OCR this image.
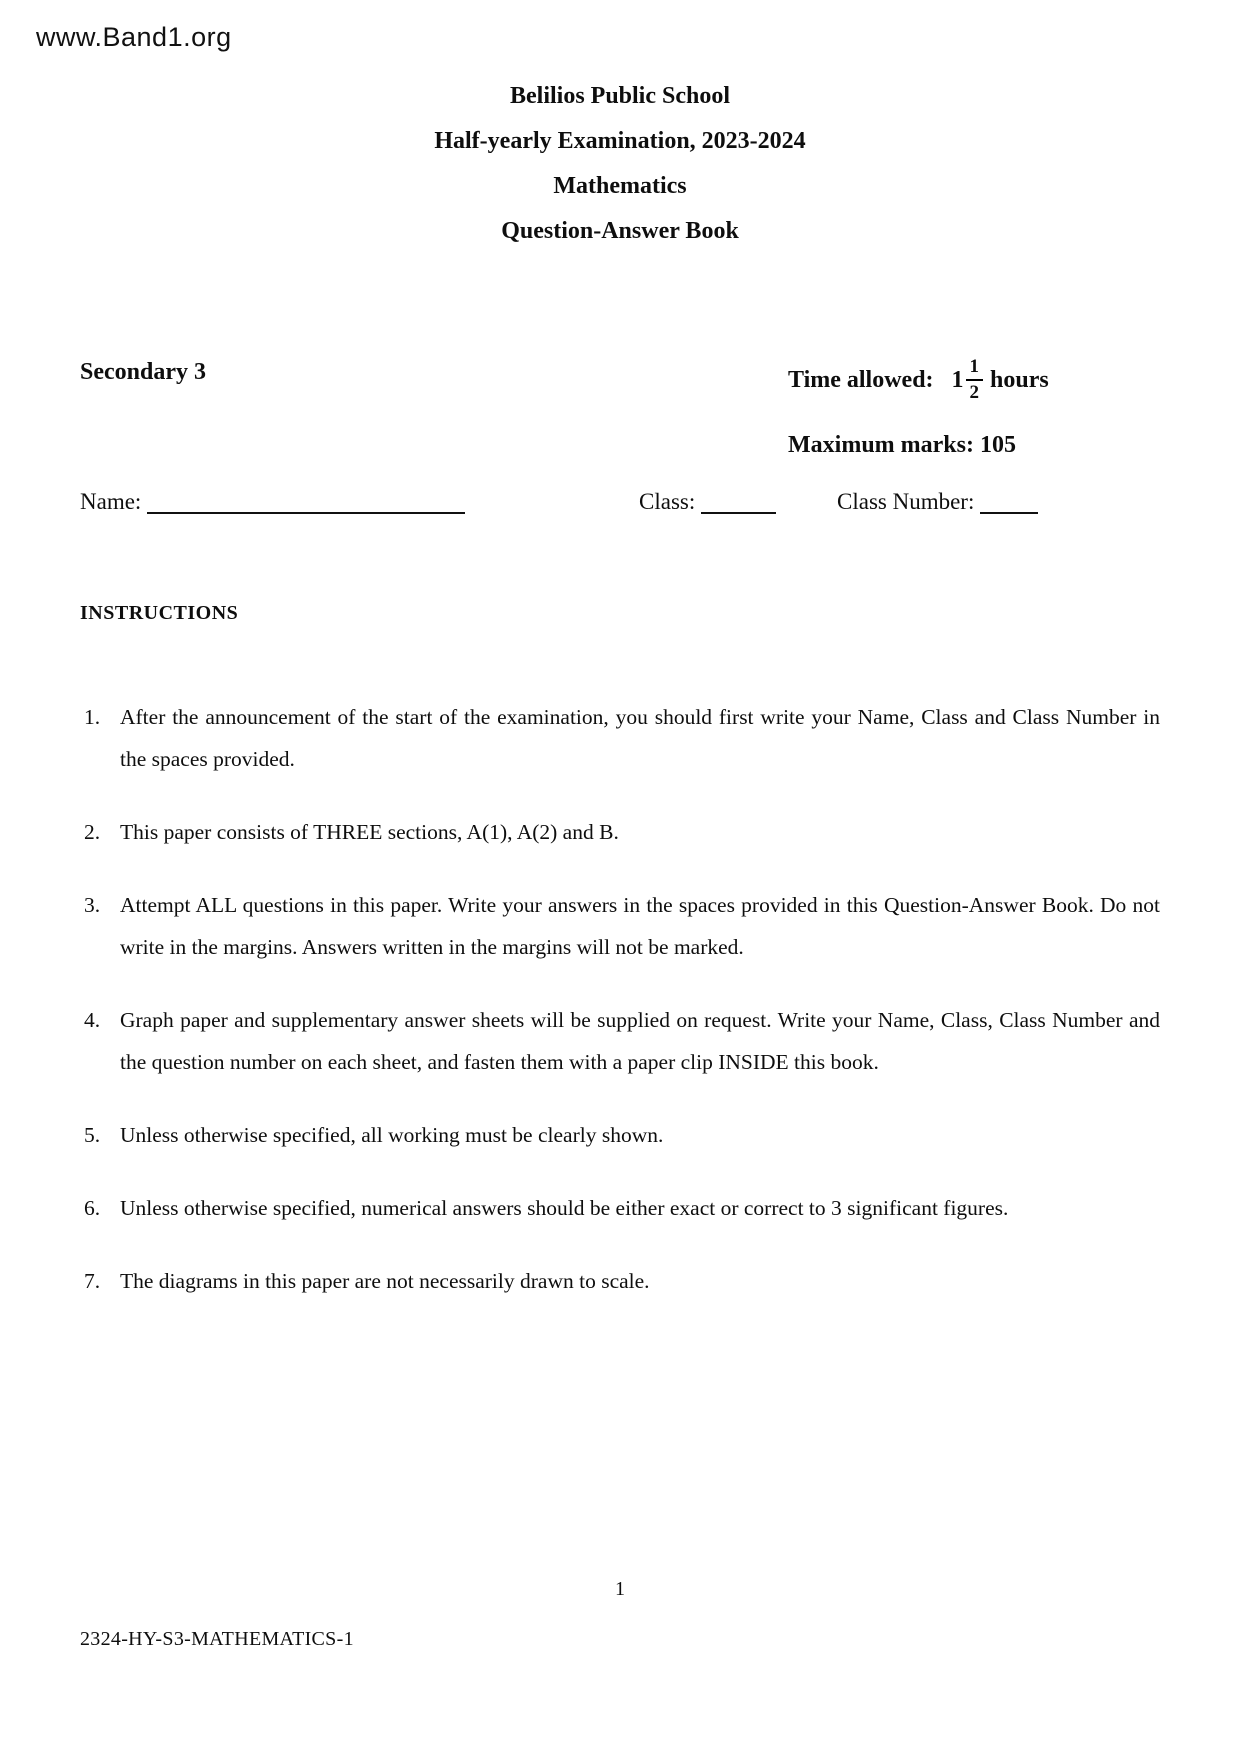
www.Band1.org
Belilios Public School
Half-yearly Examination, 2023-2024
Mathematics
Question-Answer Book
Secondary 3	Time allowed: $1 \frac{1}{2}$ hours
Maximum marks: 105
Name:	Class:	Class Number:
INSTRUCTIONS
1. After the announcement of the start of the examination, you should first write your Name, Class and Class Number in the spaces provided.
2. This paper consists of THREE sections, A(1), A(2) and B.
3. Attempt ALL questions in this paper. Write your answers in the spaces provided in this Question-Answer Book. Do not write in the margins. Answers written in the margins will not be marked.
4. Graph paper and supplementary answer sheets will be supplied on request. Write your Name, Class, Class Number and the question number on each sheet, and fasten them with a paper clip INSIDE this book.
5. Unless otherwise specified, all working must be clearly shown.
6. Unless otherwise specified, numerical answers should be either exact or correct to 3 significant figures.
7. The diagrams in this paper are not necessarily drawn to scale.
1
2324-HY-S3-MATHEMATICS-1
